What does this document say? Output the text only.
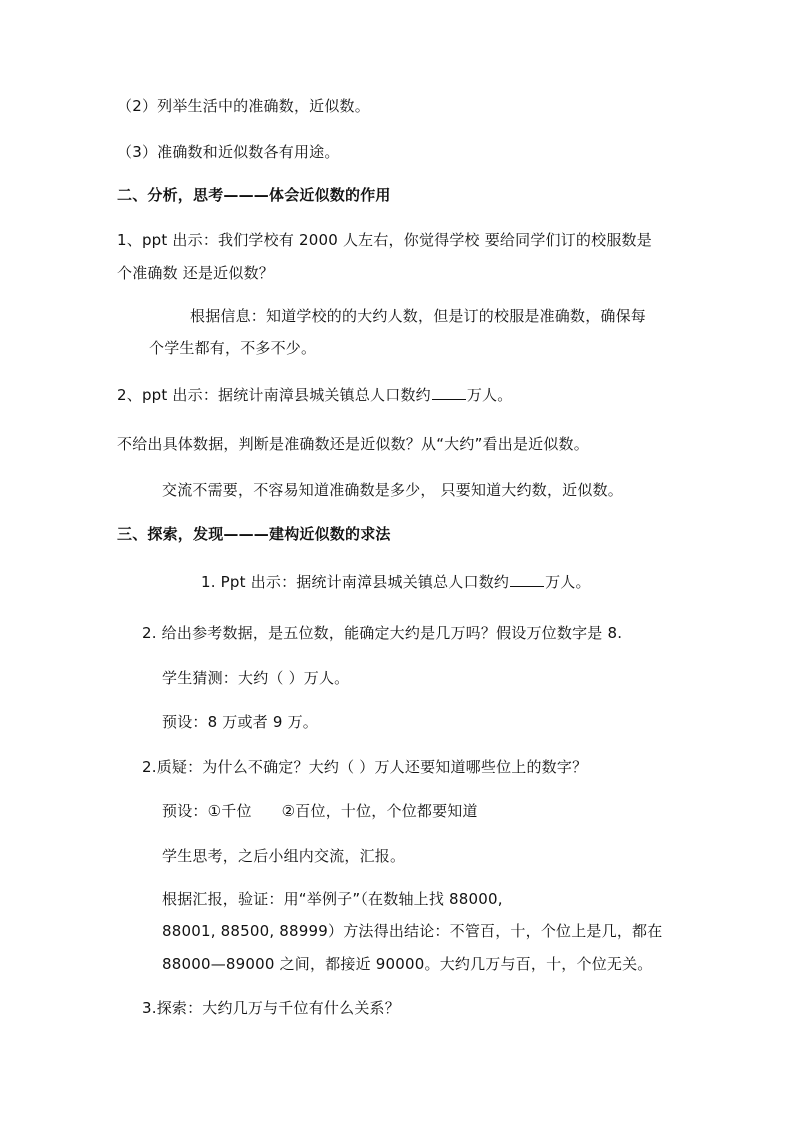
（2）列举生活中的准确数，近似数。
（3）准确数和近似数各有用途。
二、分析，思考———体会近似数的作用
1、ppt 出示：我们学校有 2000 人左右，你觉得学校 要给同学们订的校服数是
个准确数 还是近似数？
根据信息：知道学校的的大约人数，但是订的校服是准确数，确保每
个学生都有，不多不少。
2、ppt 出示：据统计南漳县城关镇总人口数约 万人。
不给出具体数据，判断是准确数还是近似数？从“大约”看出是近似数。
交流不需要，不容易知道准确数是多少， 只要知道大约数，近似数。
三、探索，发现———建构近似数的求法
1. Ppt 出示：据统计南漳县城关镇总人口数约 万人。
2. 给出参考数据，是五位数，能确定大约是几万吗？假设万位数字是 8.
学生猜测：大约（ ）万人。
预设：8 万或者 9 万。
2.质疑：为什么不确定？大约（ ）万人还要知道哪些位上的数字？
预设：①千位 ②百位，十位，个位都要知道
学生思考，之后小组内交流，汇报。
根据汇报，验证：用“举例子”（在数轴上找 88000,
88001, 88500, 88999）方法得出结论：不管百，十，个位上是几，都在
88000—89000 之间，都接近 90000。大约几万与百，十，个位无关。
3.探索：大约几万与千位有什么关系？
